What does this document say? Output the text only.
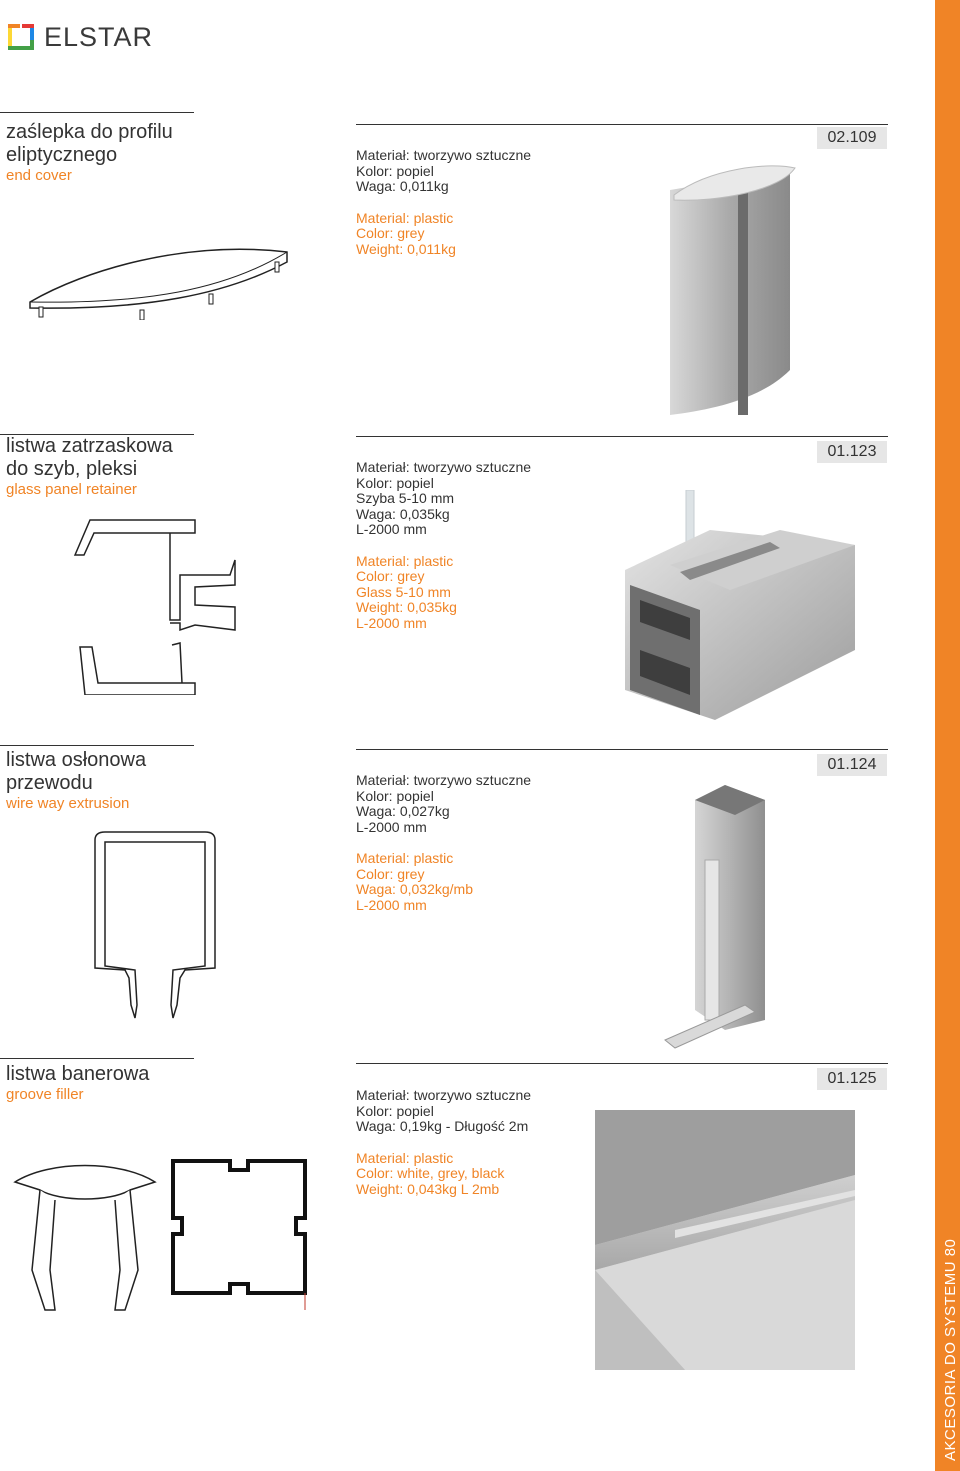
ELSTAR
AKCESORIA DO SYSTEMU 80
zaślepka do profilu
eliptycznego
end cover
02.109
Materiał: tworzywo sztuczne
Kolor: popiel
Waga: 0,011kg
Material: plastic
Color: grey
Weight: 0,011kg
listwa zatrzaskowa
do szyb, pleksi
glass panel retainer
01.123
Materiał: tworzywo sztuczne
Kolor: popiel
Szyba 5-10 mm
Waga: 0,035kg
L-2000 mm
Material: plastic
Color: grey
Glass 5-10 mm
Weight: 0,035kg
L-2000 mm
listwa osłonowa
przewodu
wire way extrusion
01.124
Materiał: tworzywo sztuczne
Kolor: popiel
Waga: 0,027kg
L-2000 mm
Material: plastic
Color: grey
Waga: 0,032kg/mb
L-2000 mm
listwa banerowa
groove filler
01.125
Materiał: tworzywo sztuczne
Kolor: popiel
Waga: 0,19kg - Długość 2m
Material: plastic
Color: white, grey, black
Weight: 0,043kg L 2mb
